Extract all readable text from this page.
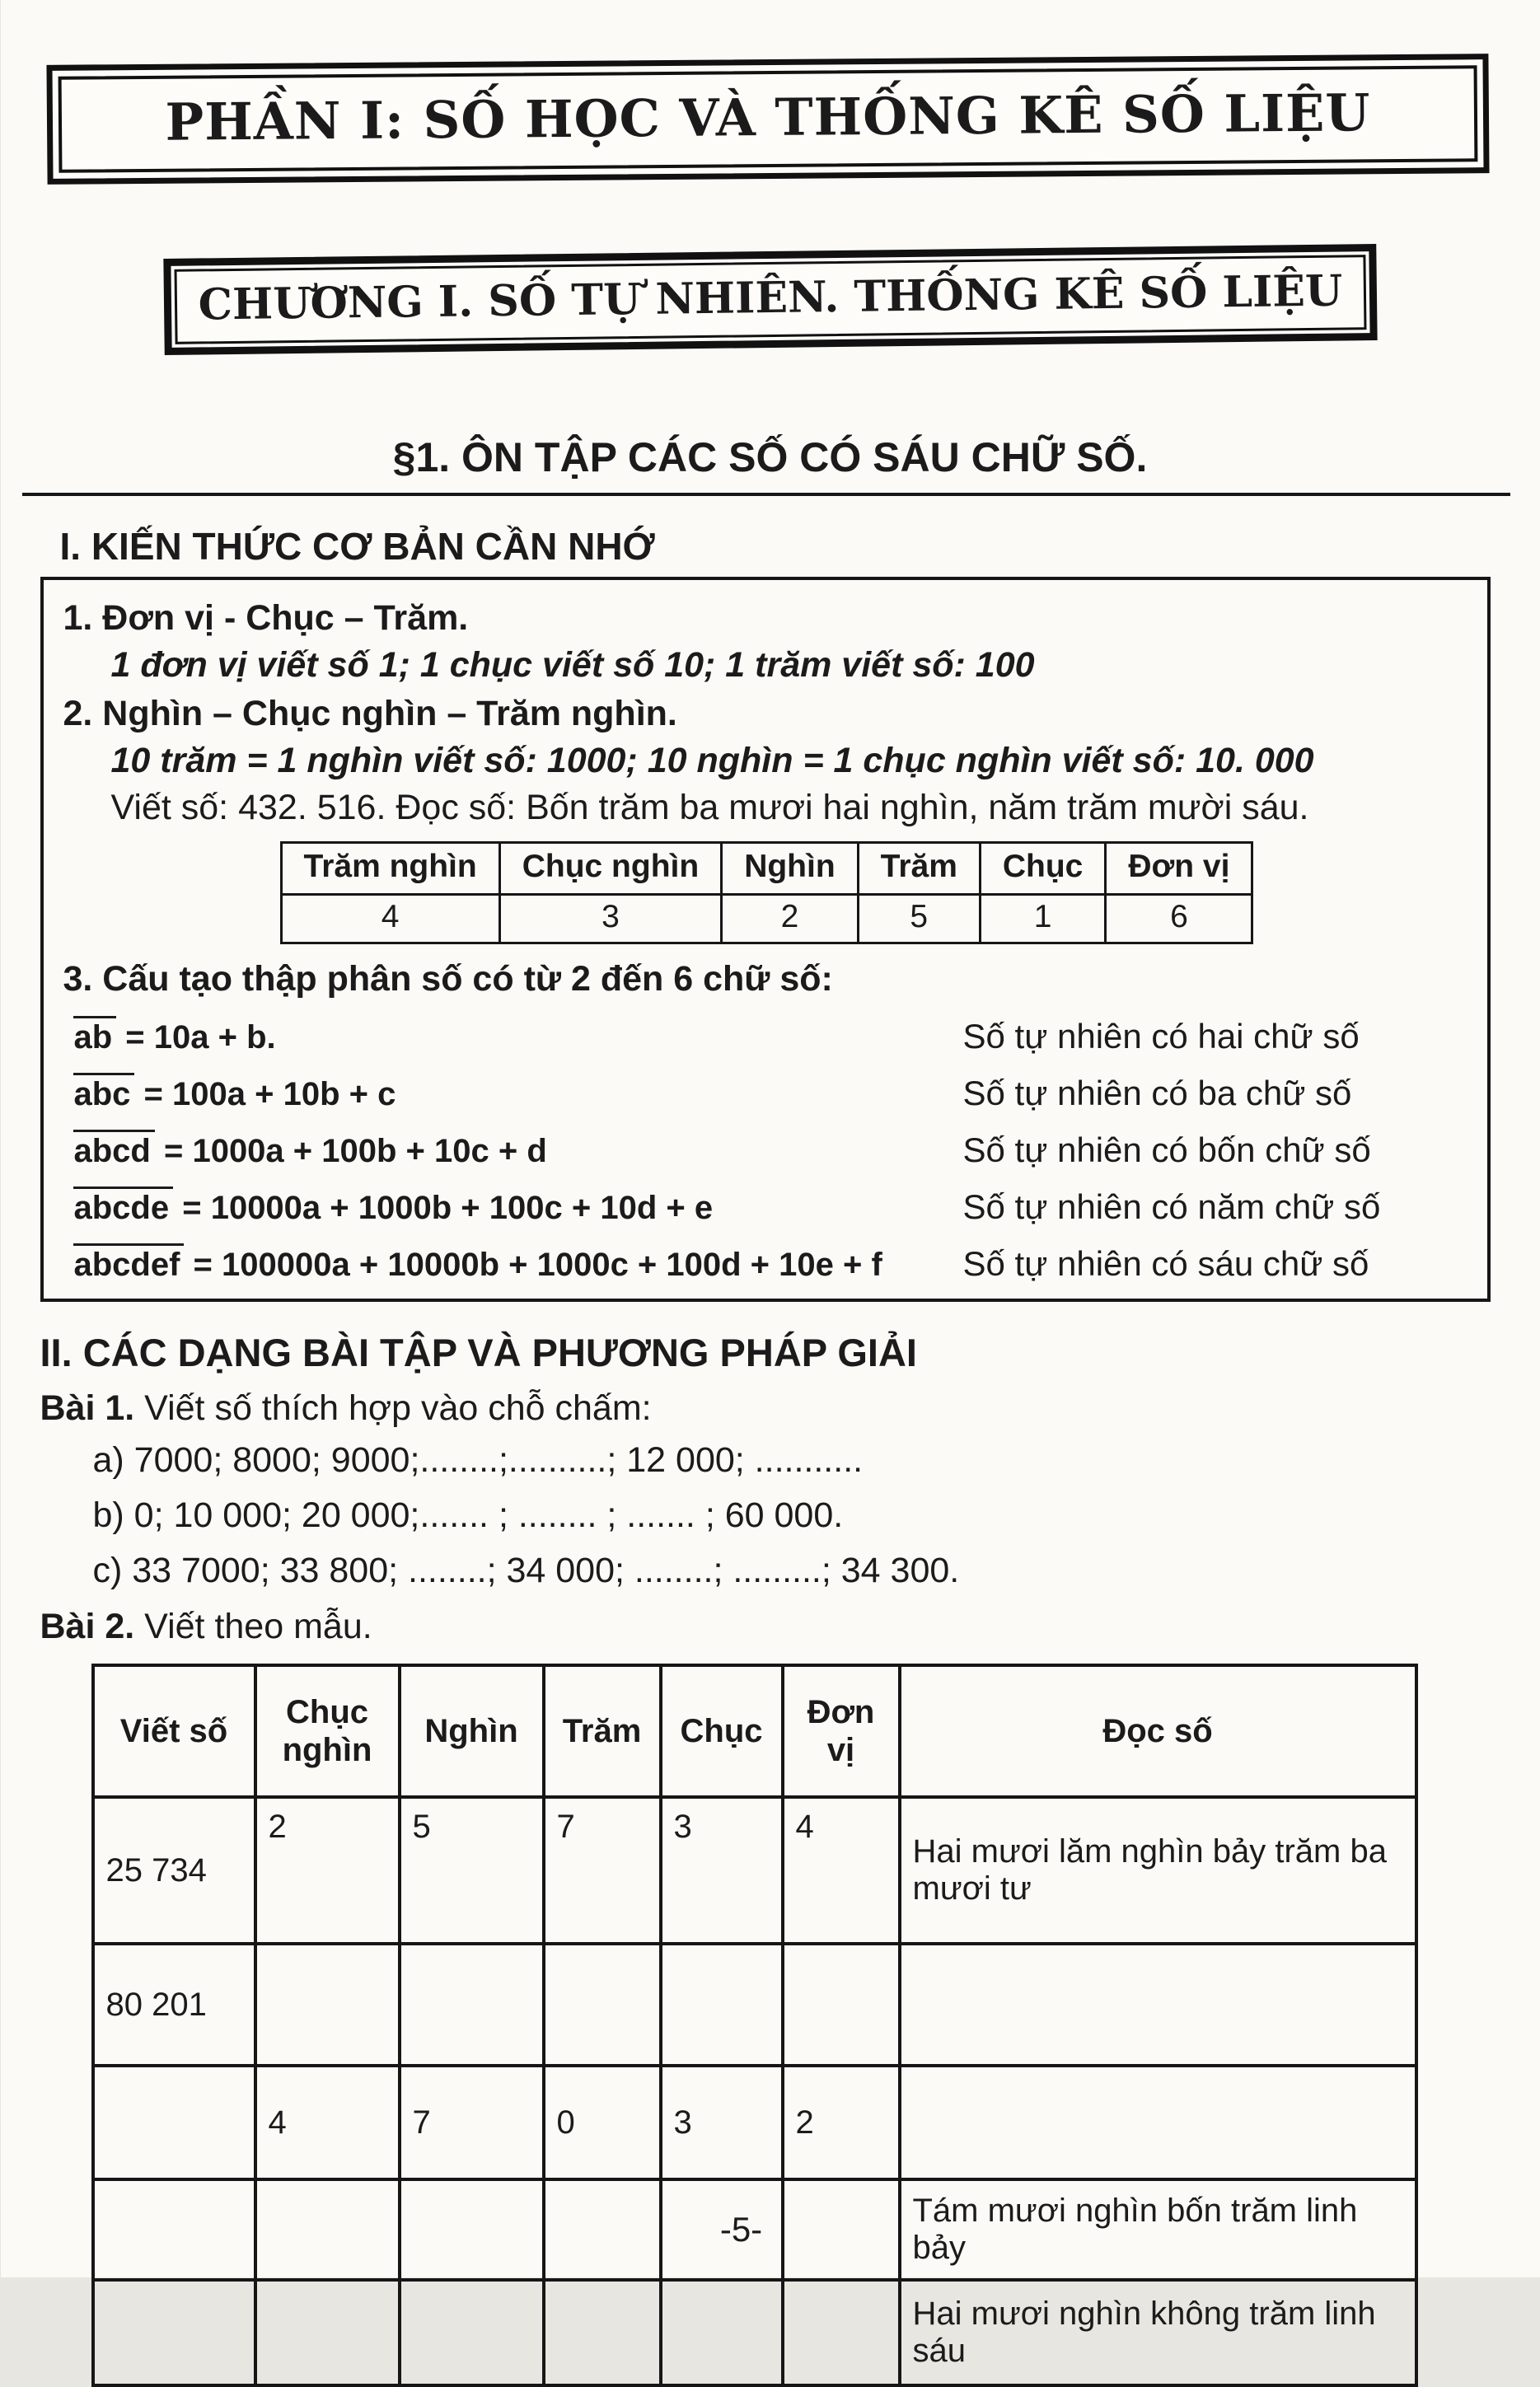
PHẦN I: SỐ HỌC VÀ THỐNG KÊ SỐ LIỆU
CHƯƠNG I. SỐ TỰ NHIÊN. THỐNG KÊ SỐ LIỆU
§1. ÔN TẬP CÁC SỐ CÓ SÁU CHỮ SỐ.
I. KIẾN THỨC CƠ BẢN CẦN NHỚ
1. Đơn vị - Chục – Trăm.
1 đơn vị viết số 1; 1 chục viết số 10; 1 trăm viết số: 100
2. Nghìn – Chục nghìn – Trăm nghìn.
10 trăm = 1 nghìn viết số: 1000; 10 nghìn = 1 chục nghìn viết số: 10. 000
Viết số: 432. 516. Đọc số: Bốn trăm ba mươi hai nghìn, năm trăm mười sáu.
Trăm nghìn	Chục nghìn	Nghìn	Trăm	Chục	Đơn vị
4	3	2	5	1	6
3. Cấu tạo thập phân số có từ 2 đến 6 chữ số:
ab = 10a + b.	Số tự nhiên có hai chữ số
abc = 100a + 10b + c	Số tự nhiên có ba chữ số
abcd = 1000a + 100b + 10c + d	Số tự nhiên có bốn chữ số
abcde = 10000a + 1000b + 100c + 10d + e	Số tự nhiên có năm chữ số
abcdef = 100000a + 10000b + 1000c + 100d + 10e + f	Số tự nhiên có sáu chữ số
II. CÁC DẠNG BÀI TẬP VÀ PHƯƠNG PHÁP GIẢI
Bài 1. Viết số thích hợp vào chỗ chấm:
a) 7000; 8000; 9000;........;..........; 12 000; ...........
b) 0; 10 000; 20 000;....... ; ........ ; ....... ; 60 000.
c) 33 7000; 33 800; ........; 34 000; ........; .........; 34 300.
Bài 2. Viết theo mẫu.
Viết số	Chục nghìn	Nghìn	Trăm	Chục	Đơn vị	Đọc số
25 734	2	5	7	3	4	Hai mươi lăm nghìn bảy trăm ba mươi tư
80 201						
	4	7	0	3	2	
						Tám mươi nghìn bốn trăm linh bảy
						Hai mươi nghìn không trăm linh sáu
-5-
